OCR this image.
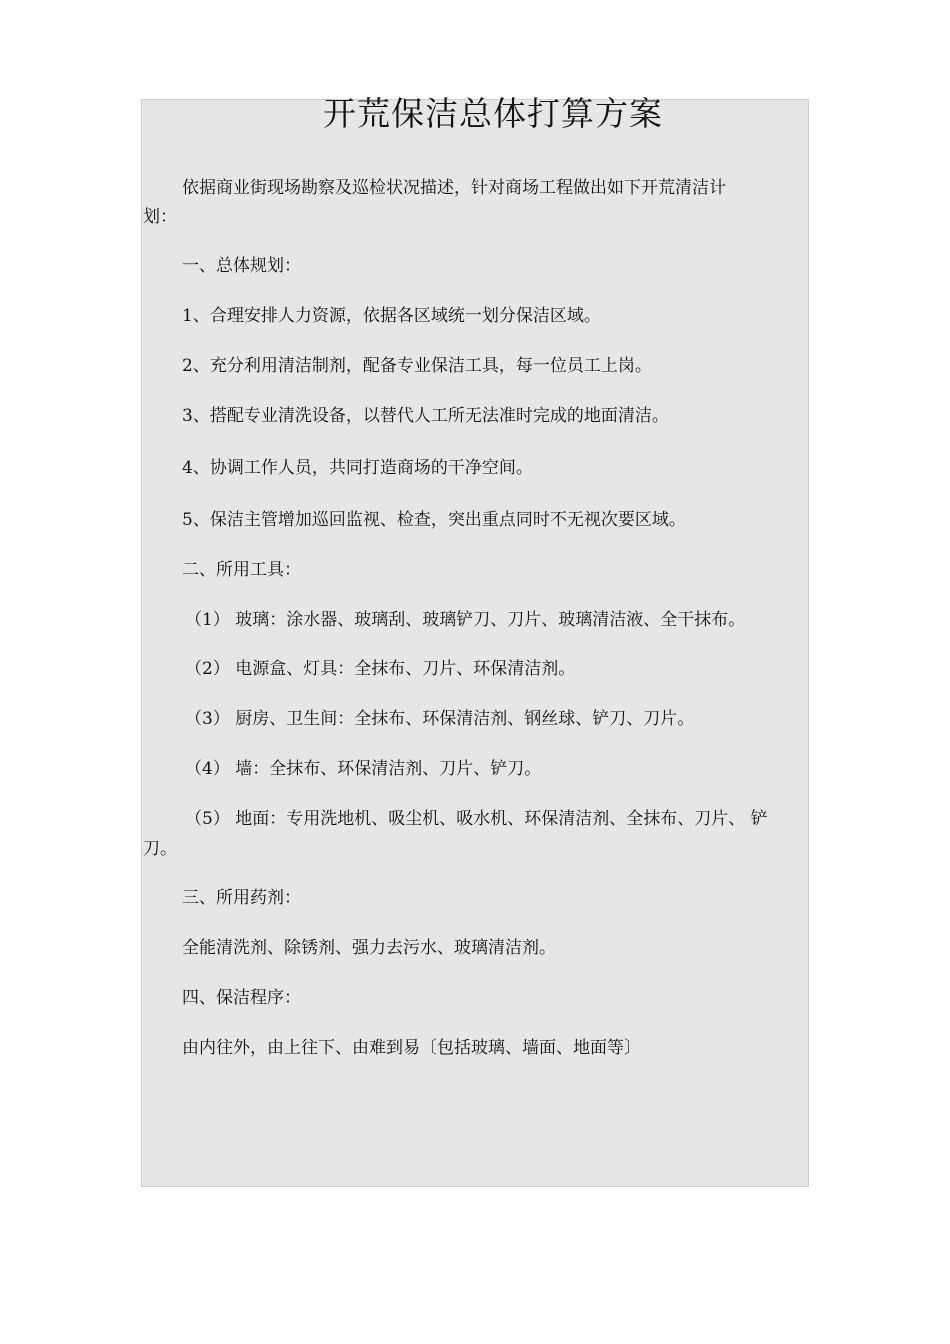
开荒保洁总体打算方案

依据商业街现场勘察及巡检状况描述，针对商场工程做出如下开荒清洁计

划：

一、总体规划：

1、合理安排人力资源，依据各区域统一划分保洁区域。

2、充分利用清洁制剂，配备专业保洁工具，每一位员工上岗。

3、搭配专业清洗设备，以替代人工所无法准时完成的地面清洁。

4、协调工作人员，共同打造商场的干净空间。

5、保洁主管增加巡回监视、检查，突出重点同时不无视次要区域。

二、所用工具：

（1） 玻璃：涂水器、玻璃刮、玻璃铲刀、刀片、玻璃清洁液、全干抹布。

（2） 电源盒、灯具：全抹布、刀片、环保清洁剂。

（3） 厨房、卫生间：全抹布、环保清洁剂、钢丝球、铲刀、刀片。

（4） 墙：全抹布、环保清洁剂、刀片、铲刀。

（5） 地面：专用洗地机、吸尘机、吸水机、环保清洁剂、全抹布、刀片、 铲

刀。

三、所用药剂：

全能清洗剂、除锈剂、强力去污水、玻璃清洁剂。

四、保洁程序：

由内往外，由上往下、由难到易〔包括玻璃、墙面、地面等〕
